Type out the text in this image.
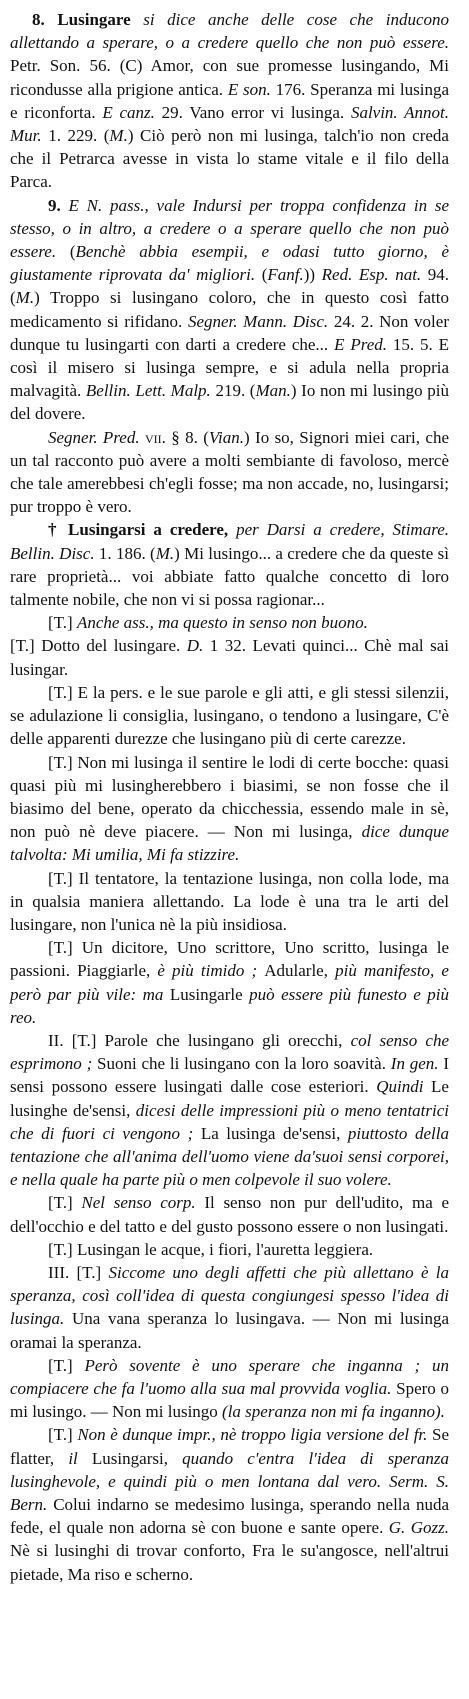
8. Lusingare si dice anche delle cose che inducono allettando a sperare, o a credere quello che non può essere. Petr. Son. 56. (C) Amor, con sue promesse lusingando, Mi ricondusse alla prigione antica. E son. 176. Speranza mi lusinga e riconforta. E canz. 29. Vano error vi lusinga. Salvin. Annot. Mur. 1. 229. (M.) Ciò però non mi lusinga, talch'io non creda che il Petrarca avesse in vista lo stame vitale e il filo della Parca.

9. E N. pass., vale Indursi per troppa confidenza in se stesso, o in altro, a credere o a sperare quello che non può essere. (Benchè abbia esempii, e odasi tutto giorno, è giustamente riprovata da' migliori. (Fanf.)) Red. Esp. nat. 94. (M.) Troppo si lusingano coloro, che in questo così fatto medicamento si rifidano. Segner. Mann. Disc. 24. 2. Non voler dunque tu lusingarti con darti a credere che... E Pred. 15. 5. E così il misero si lusinga sempre, e si adula nella propria malvagità. Bellin. Lett. Malp. 219. (Man.) Io non mi lusingo più del dovere.

Segner. Pred. vii. § 8. (Vian.) Io so, Signori miei cari, che un tal racconto può avere a molti sembiante di favoloso, mercè che tale amerebbesi ch'egli fosse; ma non accade, no, lusingarsi; pur troppo è vero.

† Lusingarsi a credere, per Darsi a credere, Stimare. Bellin. Disc. 1. 186. (M.) Mi lusingo... a credere che da queste sì rare proprietà... voi abbiate fatto qualche concetto di loro talmente nobile, che non vi si possa ragionar...

[T.] Anche ass., ma questo in senso non buono.

[T.] Dotto del lusingare. D. 1 32. Levati quinci... Chè mal sai lusingar.

[T.] E la pers. e le sue parole e gli atti, e gli stessi silenzii, se adulazione li consiglia, lusingano, o tendono a lusingare, C'è delle apparenti durezze che lusingano più di certe carezze.

[T.] Non mi lusinga il sentire le lodi di certe bocche: quasi quasi più mi lusingherebbero i biasimi, se non fosse che il biasimo del bene, operato da chicchessia, essendo male in sè, non può nè deve piacere. — Non mi lusinga, dice dunque talvolta: Mi umilia, Mi fa stizzire.

[T.] Il tentatore, la tentazione lusinga, non colla lode, ma in qualsia maniera allettando. La lode è una tra le arti del lusingare, non l'unica nè la più insidiosa.

[T.] Un dicitore, Uno scrittore, Uno scritto, lusinga le passioni. Piaggiarle, è più timido ; Adularle, più manifesto, e però par più vile: ma Lusingarle può essere più funesto e più reo.

II. [T.] Parole che lusingano gli orecchi, col senso che esprimono ; Suoni che li lusingano con la loro soavità. In gen. I sensi possono essere lusingati dalle cose esteriori. Quindi Le lusinghe de'sensi, dicesi delle impressioni più o meno tentatrici che di fuori ci vengono ; La lusinga de'sensi, piuttosto della tentazione che all'anima dell'uomo viene da'suoi sensi corporei, e nella quale ha parte più o men colpevole il suo volere.

[T.] Nel senso corp. Il senso non pur dell'udito, ma e dell'occhio e del tatto e del gusto possono essere o non lusingati.

[T.] Lusingan le acque, i fiori, l'auretta leggiera.

III. [T.] Siccome uno degli affetti che più allettano è la speranza, così coll'idea di questa congiungesi spesso l'idea di lusinga. Una vana speranza lo lusingava. — Non mi lusinga oramai la speranza.

[T.] Però sovente è uno sperare che inganna ; un compiacere che fa l'uomo alla sua mal provvida voglia. Spero o mi lusingo. — Non mi lusingo (la speranza non mi fa inganno).

[T.] Non è dunque impr., nè troppo ligia versione del fr. Se flatter, il Lusingarsi, quando c'entra l'idea di speranza lusinghevole, e quindi più o men lontana dal vero. Serm. S. Bern. Colui indarno se medesimo lusinga, sperando nella nuda fede, el quale non adorna sè con buone e sante opere. G. Gozz. Nè si lusinghi di trovar conforto, Fra le su'angosce, nell'altrui pietade, Ma riso e scherno.
